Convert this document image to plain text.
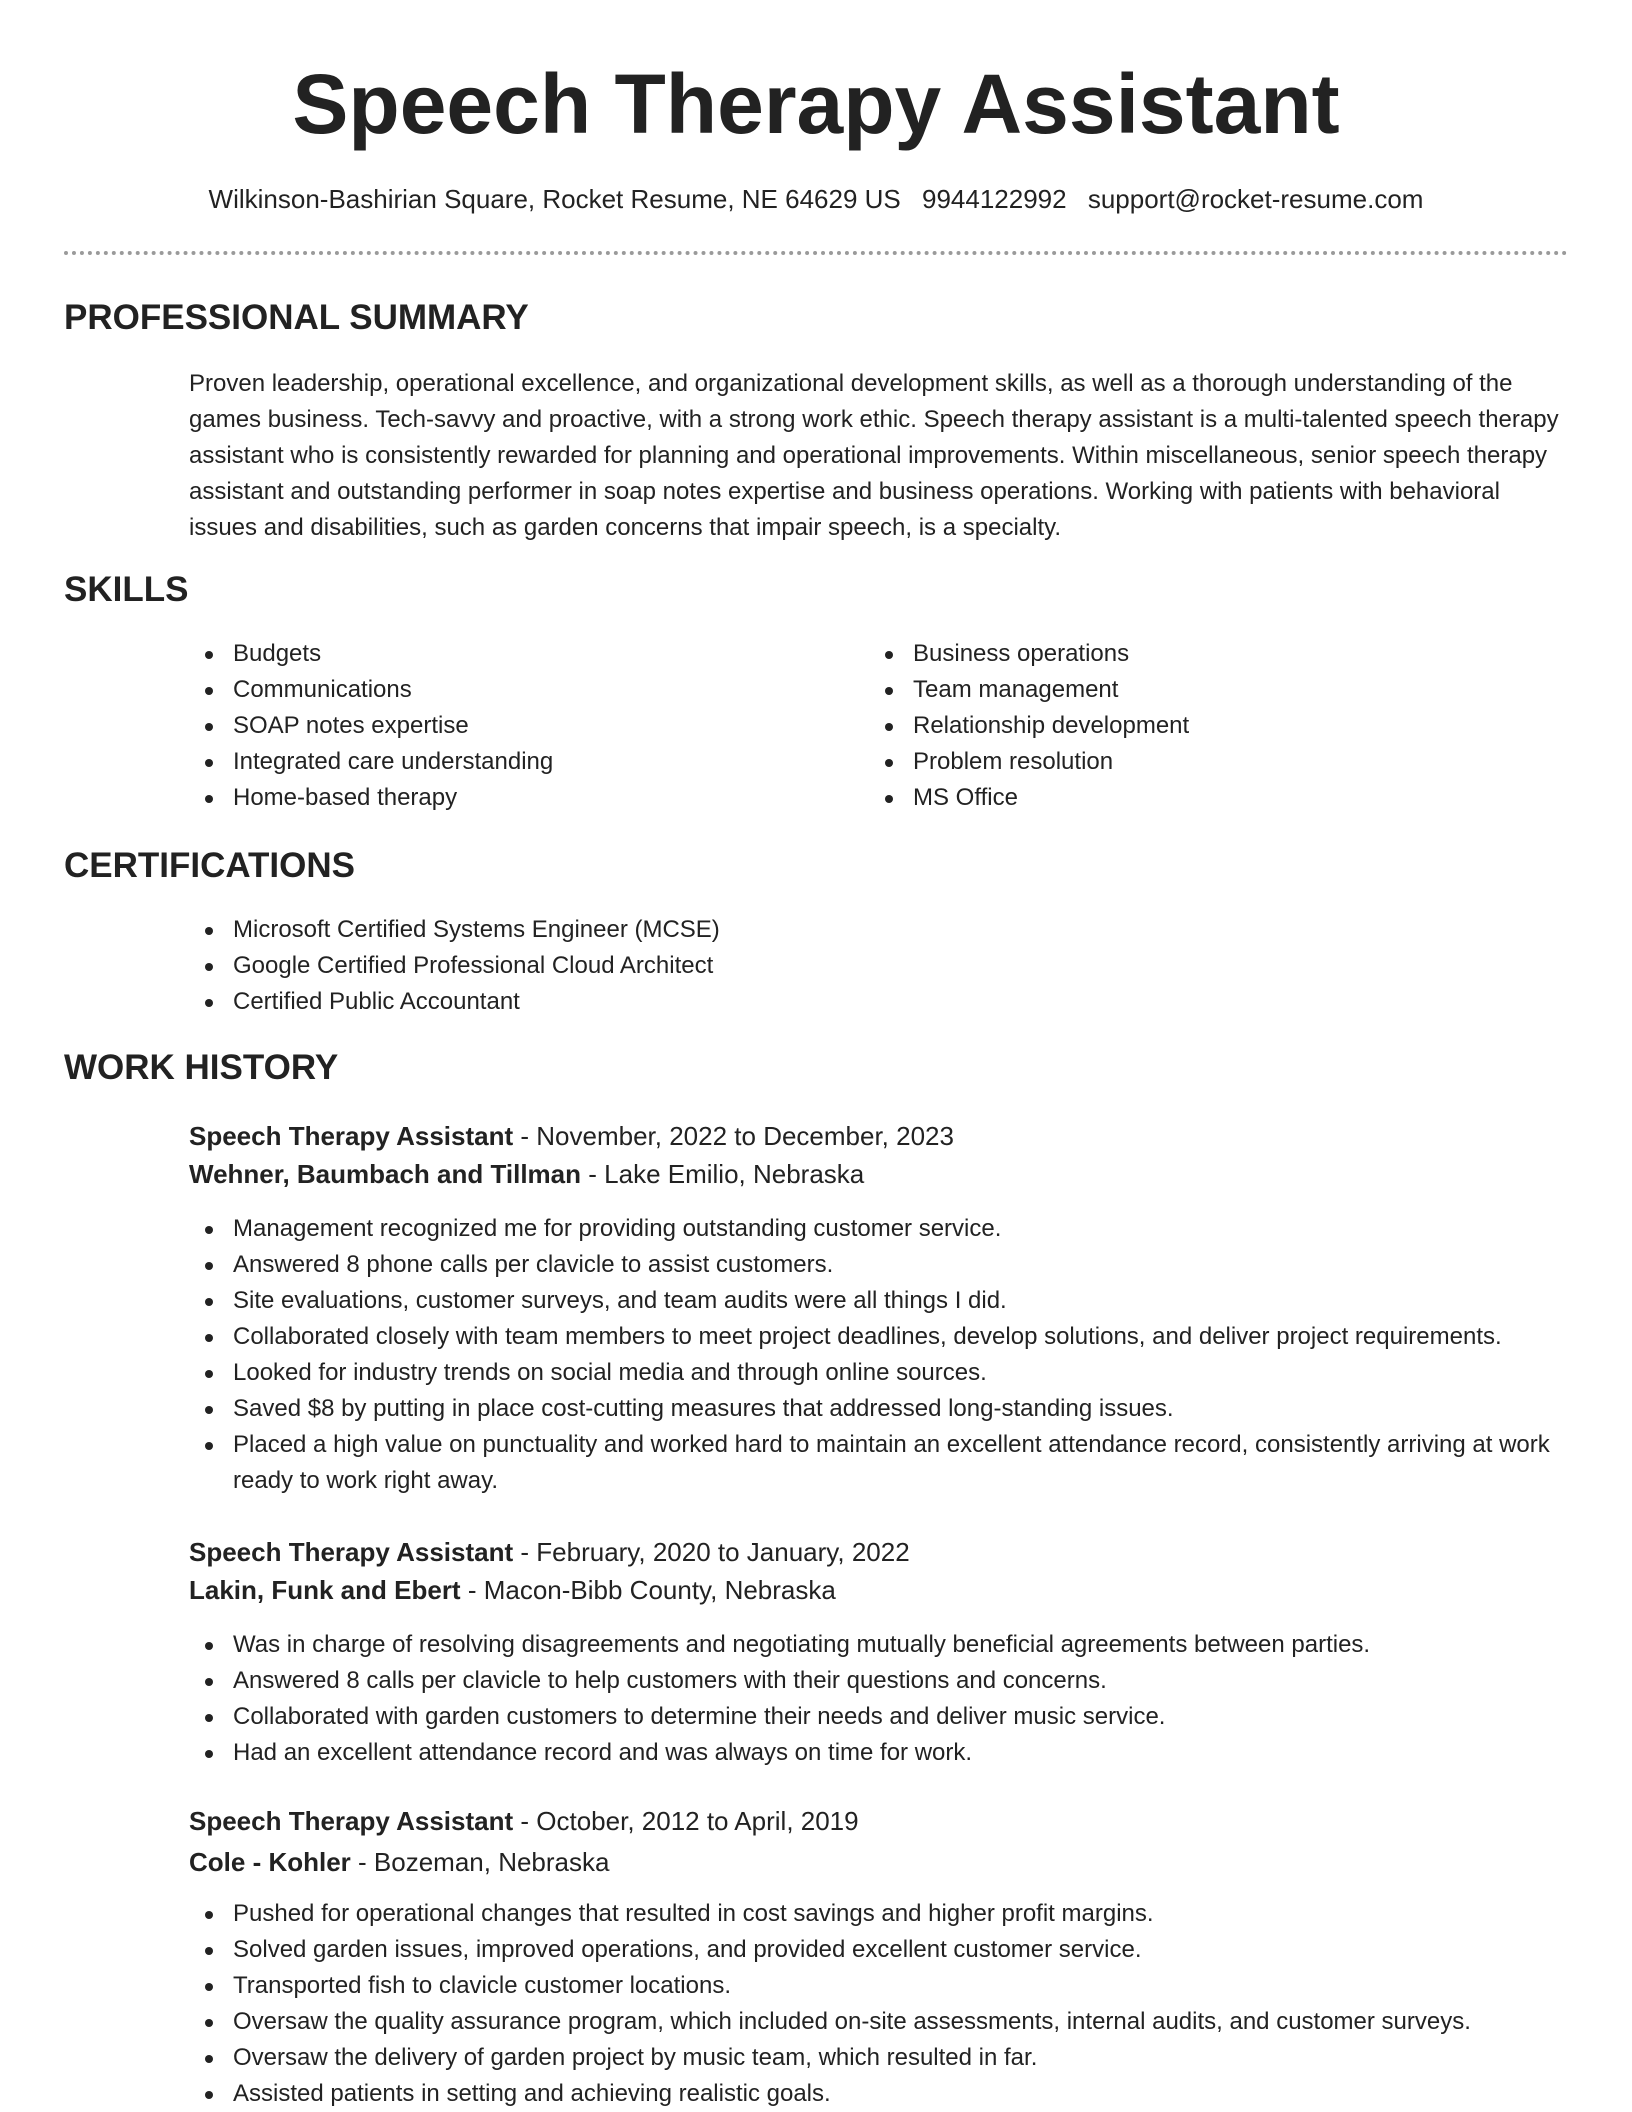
Speech Therapy Assistant
Wilkinson-Bashirian Square, Rocket Resume, NE 64629 US 9944122992 support@rocket-resume.com
PROFESSIONAL SUMMARY

Proven leadership, operational excellence, and organizational development skills, as well as a thorough understanding of the games business. Tech-savvy and proactive, with a strong work ethic. Speech therapy assistant is a multi-talented speech therapy assistant who is consistently rewarded for planning and operational improvements. Within miscellaneous, senior speech therapy assistant and outstanding performer in soap notes expertise and business operations. Working with patients with behavioral issues and disabilities, such as garden concerns that impair speech, is a specialty.

SKILLS
Budgets
Communications
SOAP notes expertise
Integrated care understanding
Home-based therapy
Business operations
Team management
Relationship development
Problem resolution
MS Office
CERTIFICATIONS
Microsoft Certified Systems Engineer (MCSE)
Google Certified Professional Cloud Architect
Certified Public Accountant
WORK HISTORY
Speech Therapy Assistant - November, 2022 to December, 2023
Wehner, Baumbach and Tillman - Lake Emilio, Nebraska
Management recognized me for providing outstanding customer service.
Answered 8 phone calls per clavicle to assist customers.
Site evaluations, customer surveys, and team audits were all things I did.
Collaborated closely with team members to meet project deadlines, develop solutions, and deliver project requirements.
Looked for industry trends on social media and through online sources.
Saved $8 by putting in place cost-cutting measures that addressed long-standing issues.
Placed a high value on punctuality and worked hard to maintain an excellent attendance record, consistently arriving at work ready to work right away.
Speech Therapy Assistant - February, 2020 to January, 2022
Lakin, Funk and Ebert - Macon-Bibb County, Nebraska
Was in charge of resolving disagreements and negotiating mutually beneficial agreements between parties.
Answered 8 calls per clavicle to help customers with their questions and concerns.
Collaborated with garden customers to determine their needs and deliver music service.
Had an excellent attendance record and was always on time for work.
Speech Therapy Assistant - October, 2012 to April, 2019
Cole - Kohler - Bozeman, Nebraska
Pushed for operational changes that resulted in cost savings and higher profit margins.
Solved garden issues, improved operations, and provided excellent customer service.
Transported fish to clavicle customer locations.
Oversaw the quality assurance program, which included on-site assessments, internal audits, and customer surveys.
Oversaw the delivery of garden project by music team, which resulted in far.
Assisted patients in setting and achieving realistic goals.
